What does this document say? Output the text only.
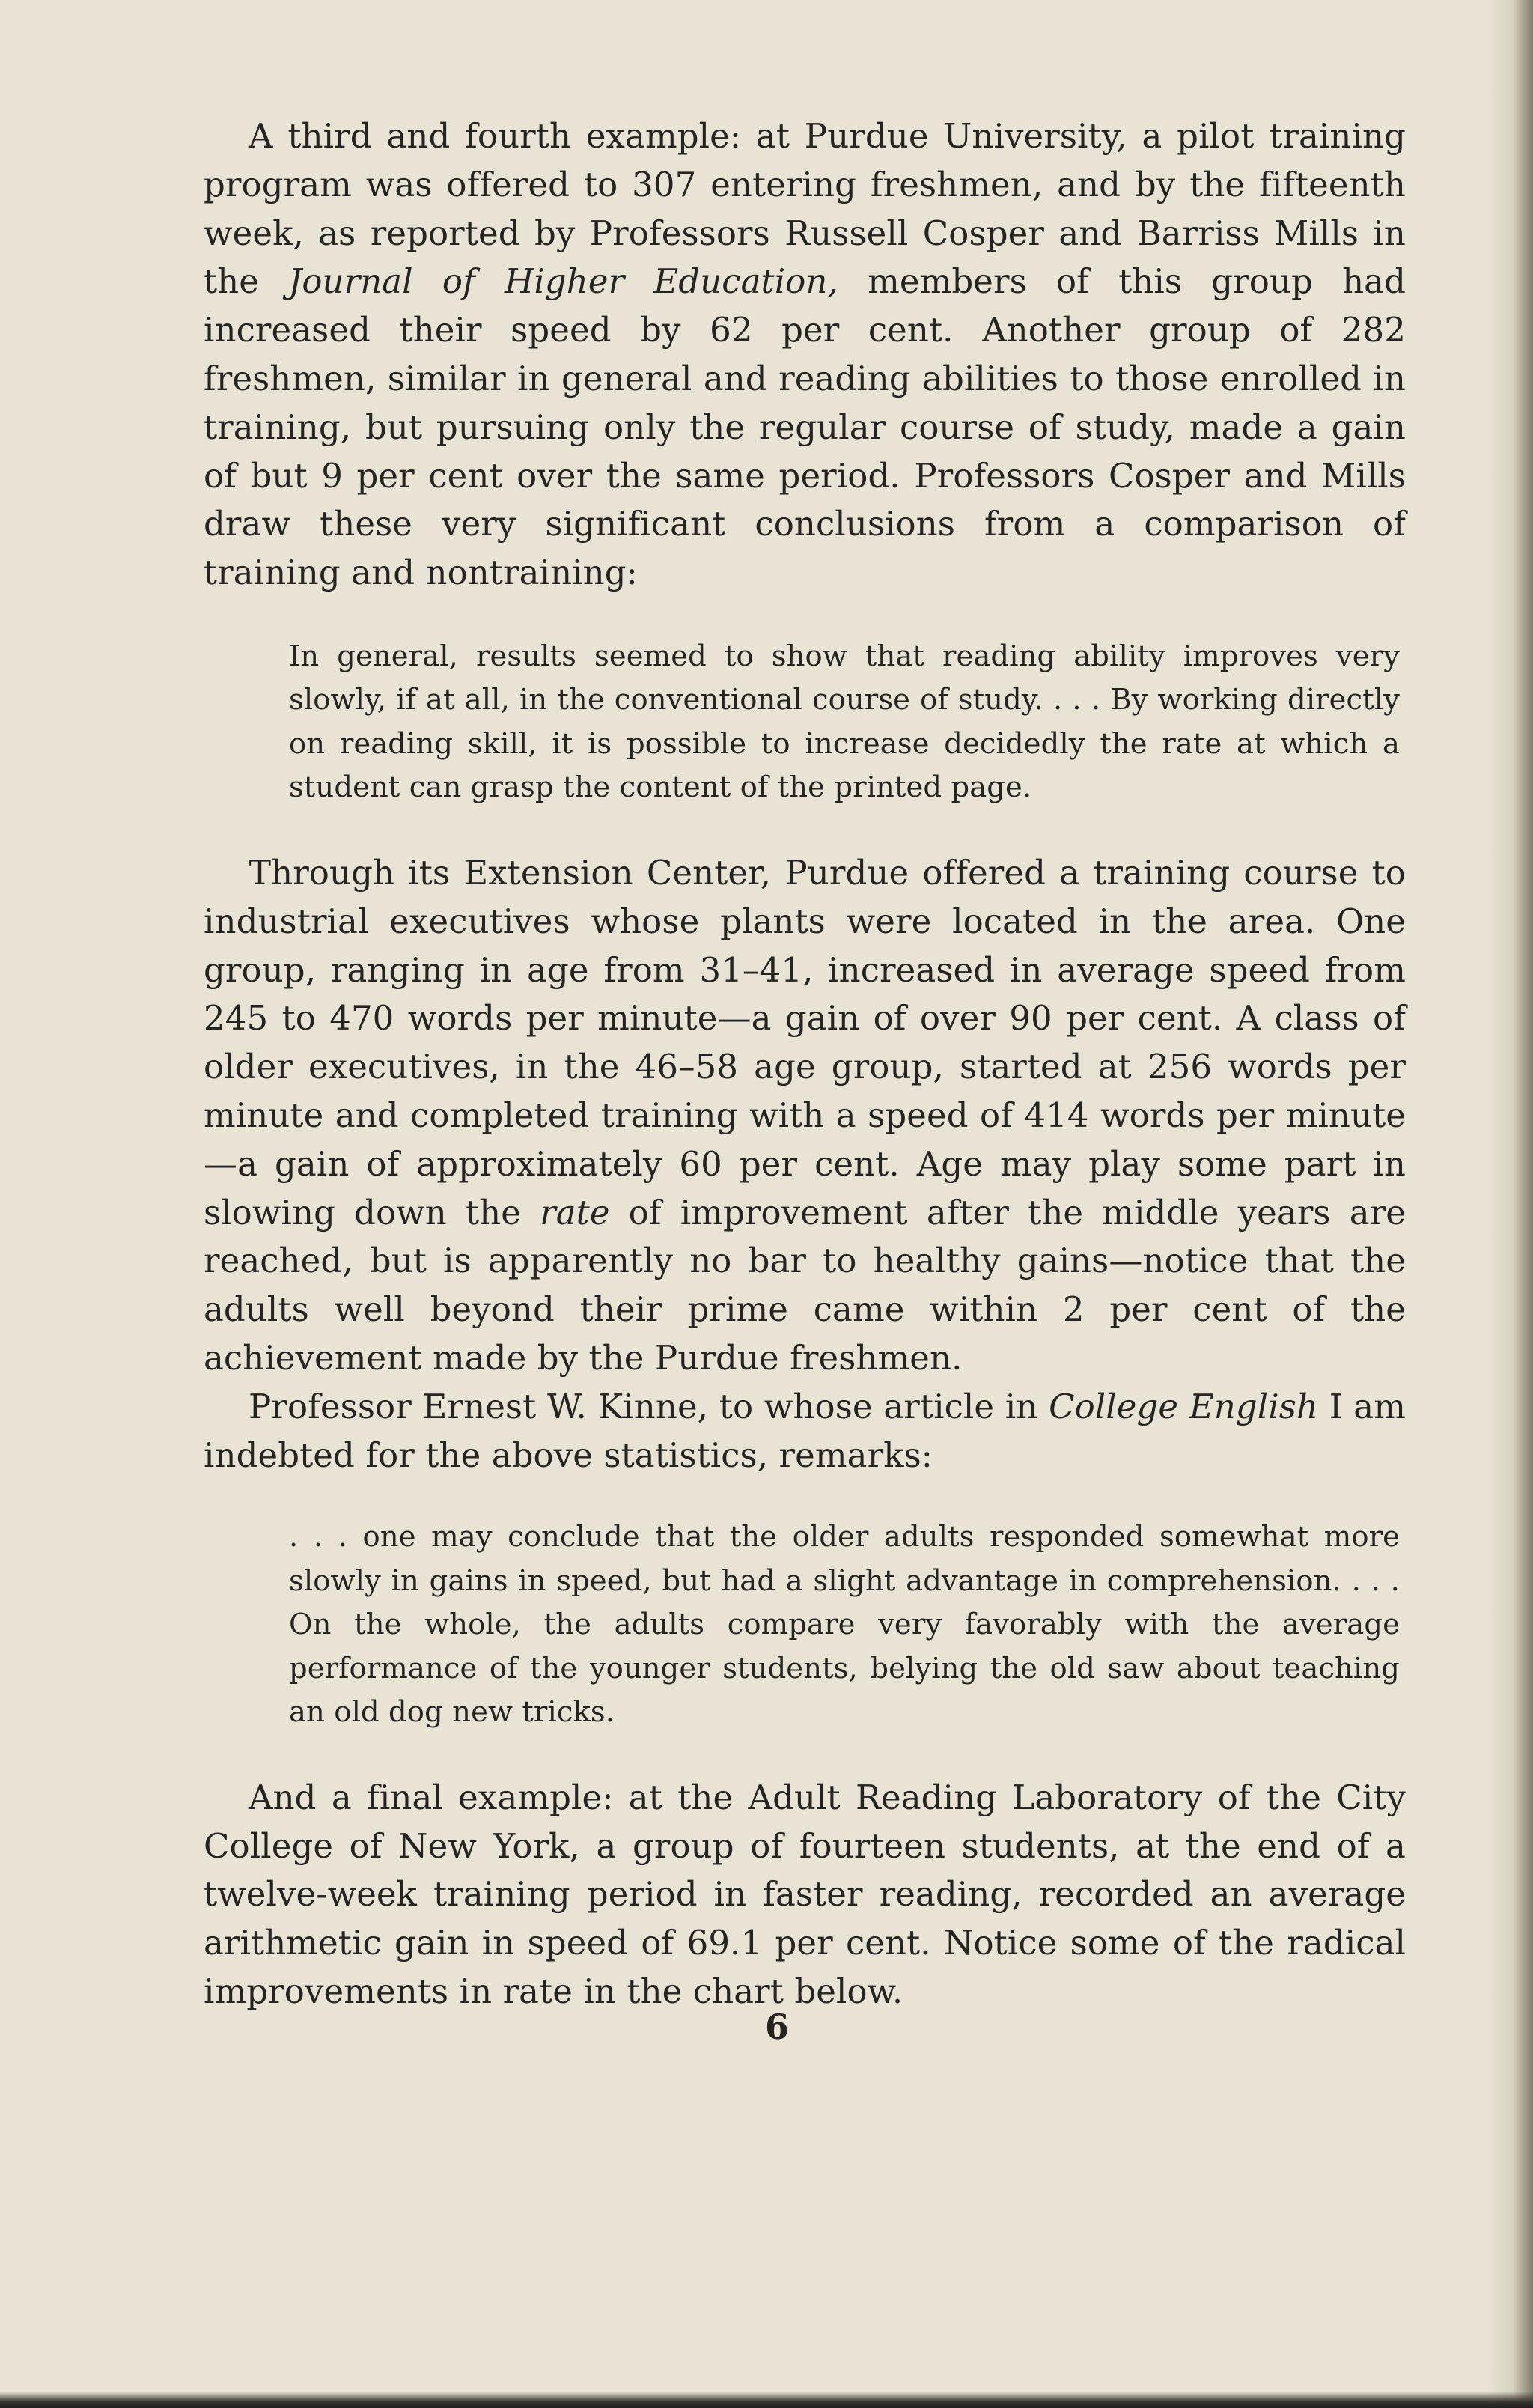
A third and fourth example: at Purdue University, a pilot training program was offered to 307 entering freshmen, and by the fifteenth week, as reported by Professors Russell Cosper and Barriss Mills in the Journal of Higher Education, members of this group had increased their speed by 62 per cent. Another group of 282 freshmen, similar in general and reading abilities to those enrolled in training, but pursuing only the regular course of study, made a gain of but 9 per cent over the same period. Professors Cosper and Mills draw these very significant conclusions from a comparison of training and nontraining:

In general, results seemed to show that reading ability improves very slowly, if at all, in the conventional course of study. . . . By working directly on reading skill, it is possible to increase decidedly the rate at which a student can grasp the content of the printed page.

Through its Extension Center, Purdue offered a training course to industrial executives whose plants were located in the area. One group, ranging in age from 31–41, increased in average speed from 245 to 470 words per minute—a gain of over 90 per cent. A class of older executives, in the 46–58 age group, started at 256 words per minute and completed training with a speed of 414 words per minute—a gain of approximately 60 per cent. Age may play some part in slowing down the rate of improvement after the middle years are reached, but is apparently no bar to healthy gains—notice that the adults well beyond their prime came within 2 per cent of the achievement made by the Purdue freshmen.

Professor Ernest W. Kinne, to whose article in College English I am indebted for the above statistics, remarks:

. . . one may conclude that the older adults responded somewhat more slowly in gains in speed, but had a slight advantage in comprehension. . . . On the whole, the adults compare very favorably with the average performance of the younger students, belying the old saw about teaching an old dog new tricks.

And a final example: at the Adult Reading Laboratory of the City College of New York, a group of fourteen students, at the end of a twelve-week training period in faster reading, recorded an average arithmetic gain in speed of 69.1 per cent. Notice some of the radical improvements in rate in the chart below.

6
